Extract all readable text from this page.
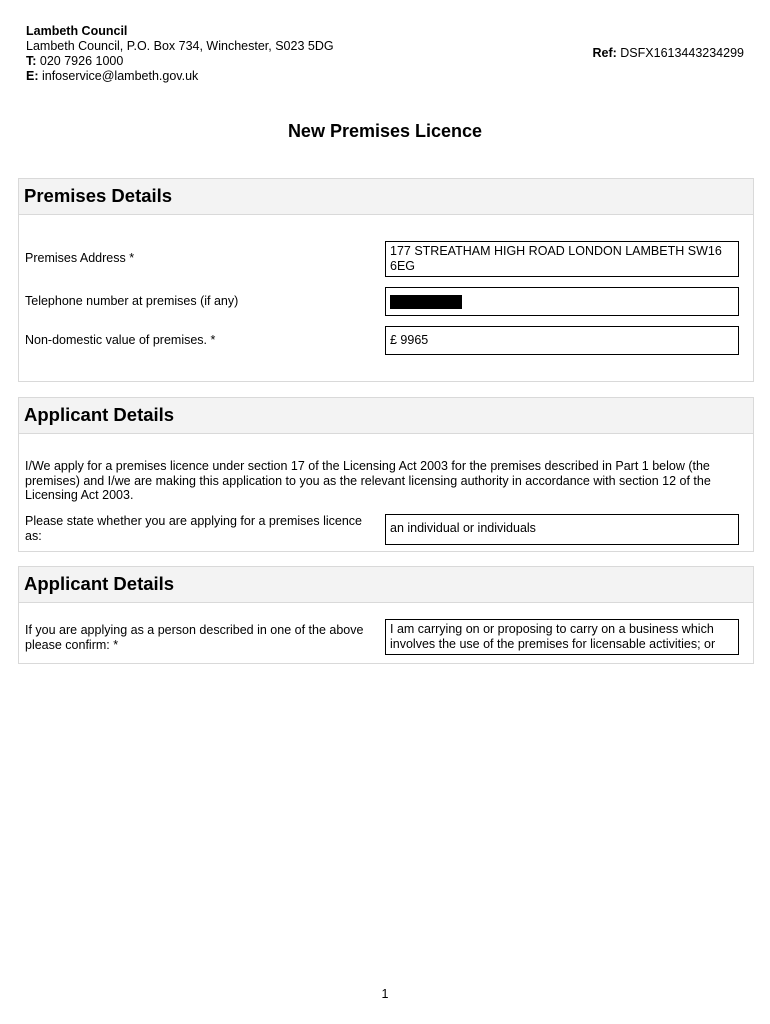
Lambeth Council
Lambeth Council, P.O. Box 734, Winchester, S023 5DG
T: 020 7926 1000
E: infoservice@lambeth.gov.uk
Ref: DSFX1613443234299
New Premises Licence
Premises Details
Premises Address *	177 STREATHAM HIGH ROAD LONDON LAMBETH SW16 6EG
Telephone number at premises (if any)
Non-domestic value of premises. *	£ 9965
Applicant Details
I/We apply for a premises licence under section 17 of the Licensing Act 2003 for the premises described in Part 1 below (the premises) and I/we are making this application to you as the relevant licensing authority in accordance with section 12 of the Licensing Act 2003.
Please state whether you are applying for a premises licence as:
an individual or individuals
Applicant Details
If you are applying as a person described in one of the above please confirm: *
I am carrying on or proposing to carry on a business which involves the use of the premises for licensable activities; or
1
